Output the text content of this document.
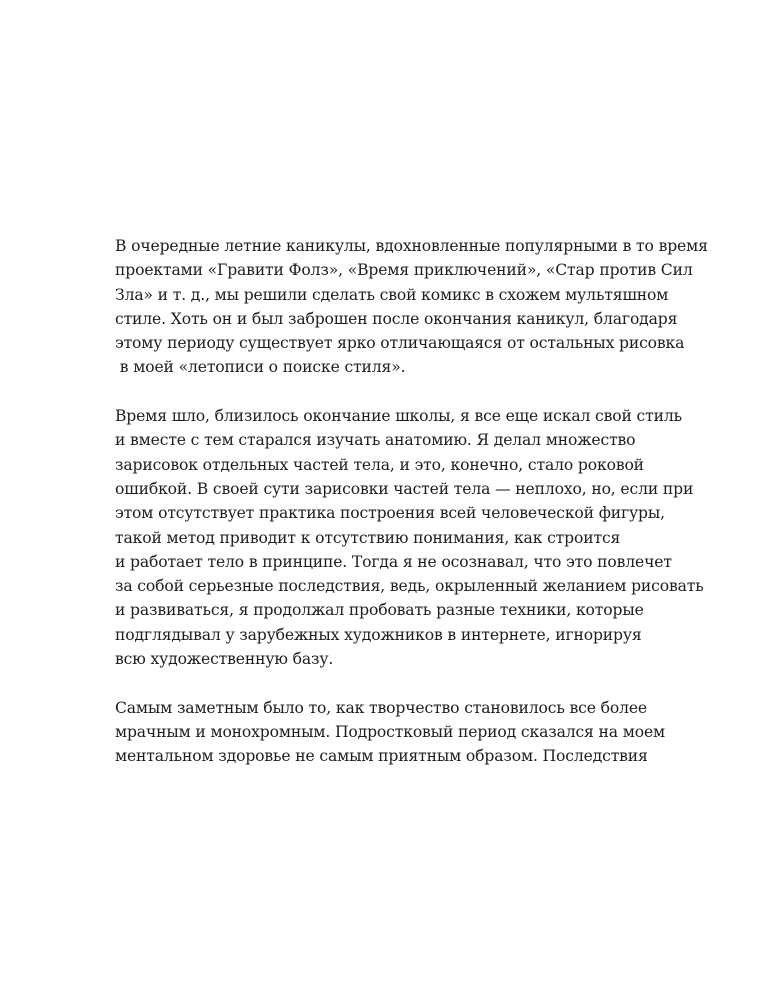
В очередные летние каникулы, вдохновленные популярными в то время
проектами «Гравити Фолз», «Время приключений», «Стар против Сил
Зла» и т. д., мы решили сделать свой комикс в схожем мультяшном
стиле. Хоть он и был заброшен после окончания каникул, благодаря
этому периоду существует ярко отличающаяся от остальных рисовка
в моей «летописи о поиске стиля».

Время шло, близилось окончание школы, я все еще искал свой стиль
и вместе с тем старался изучать анатомию. Я делал множество
зарисовок отдельных частей тела, и это, конечно, стало роковой
ошибкой. В своей сути зарисовки частей тела — неплохо, но, если при
этом отсутствует практика построения всей человеческой фигуры,
такой метод приводит к отсутствию понимания, как строится
и работает тело в принципе. Тогда я не осознавал, что это повлечет
за собой серьезные последствия, ведь, окрыленный желанием рисовать
и развиваться, я продолжал пробовать разные техники, которые
подглядывал у зарубежных художников в интернете, игнорируя
всю художественную базу.

Самым заметным было то, как творчество становилось все более
мрачным и монохромным. Подростковый период сказался на моем
ментальном здоровье не самым приятным образом. Последствия
